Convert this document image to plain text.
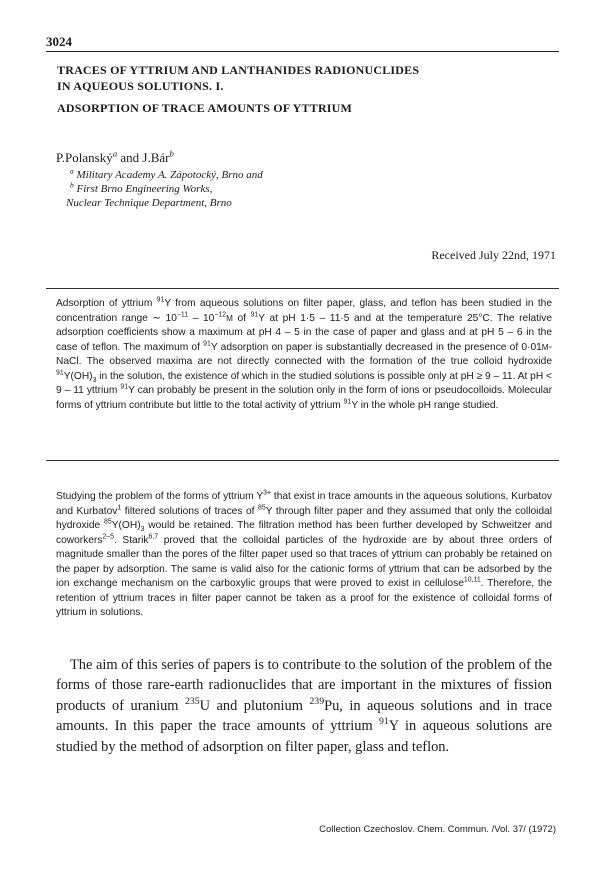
3024
TRACES OF YTTRIUM AND LANTHANIDES RADIONUCLIDES
IN AQUEOUS SOLUTIONS. I.
ADSORPTION OF TRACE AMOUNTS OF YTTRIUM
P.Polanský$^a$ and J.Bár$^b$
$^a$ Military Academy A. Zápotocký, Brno and
$^b$ First Brno Engineering Works,
Nuclear Technique Department, Brno
Received July 22nd, 1971
Adsorption of yttrium $^{91}$Y from aqueous solutions on filter paper, glass, and teflon has been studied in the concentration range ∼ $10^{-11} - 10^{-12}M$ of $^{91}$Y at pH 1·5 – 11·5 and at the temperature 25°C. The relative adsorption coefficients show a maximum at pH 4 – 5 in the case of paper and glass and at pH 5 – 6 in the case of teflon. The maximum of $^{91}$Y adsorption on paper is substantially decreased in the presence of 0·01M-NaCl. The observed maxima are not directly connected with the formation of the true colloid hydroxide $^{91}Y(OH)_3$ in the solution, the existence of which in the studied solutions is possible only at pH ≥ 9 – 11. At pH < 9 – 11 yttrium $^{91}$Y can probably be present in the solution only in the form of ions or pseudocolloids. Molecular forms of yttrium contribute but little to the total activity of yttrium $^{91}$Y in the whole pH range studied.
Studying the problem of the forms of yttrium $Y^{3+}$ that exist in trace amounts in the aqueous solutions, Kurbatov and Kurbatov$^1$ filtered solutions of traces of $^{85}$Y through filter paper and they assumed that only the colloidal hydroxide $^{85}Y(OH)_3$ would be retained. The filtration method has been further developed by Schweitzer and coworkers$^{2-5}$. Starik$^{6,7}$ proved that the colloidal particles of the hydroxide are by about three orders of magnitude smaller than the pores of the filter paper used so that traces of yttrium can probably be retained on the paper by adsorption. The same is valid also for the cationic forms of yttrium that can be adsorbed by the ion exchange mechanism on the carboxylic groups that were proved to exist in cellulose$^{10,11}$. Therefore, the retention of yttrium traces in filter paper cannot be taken as a proof for the existence of colloidal forms of yttrium in solutions.
The aim of this series of papers is to contribute to the solution of the problem of the forms of those rare-earth radionuclides that are important in the mixtures of fission products of uranium $^{235}$U and plutonium $^{239}$Pu, in aqueous solutions and in trace amounts. In this paper the trace amounts of yttrium $^{91}$Y in aqueous solutions are studied by the method of adsorption on filter paper, glass and teflon.
Collection Czechoslov. Chem. Commun. /Vol. 37/ (1972)
